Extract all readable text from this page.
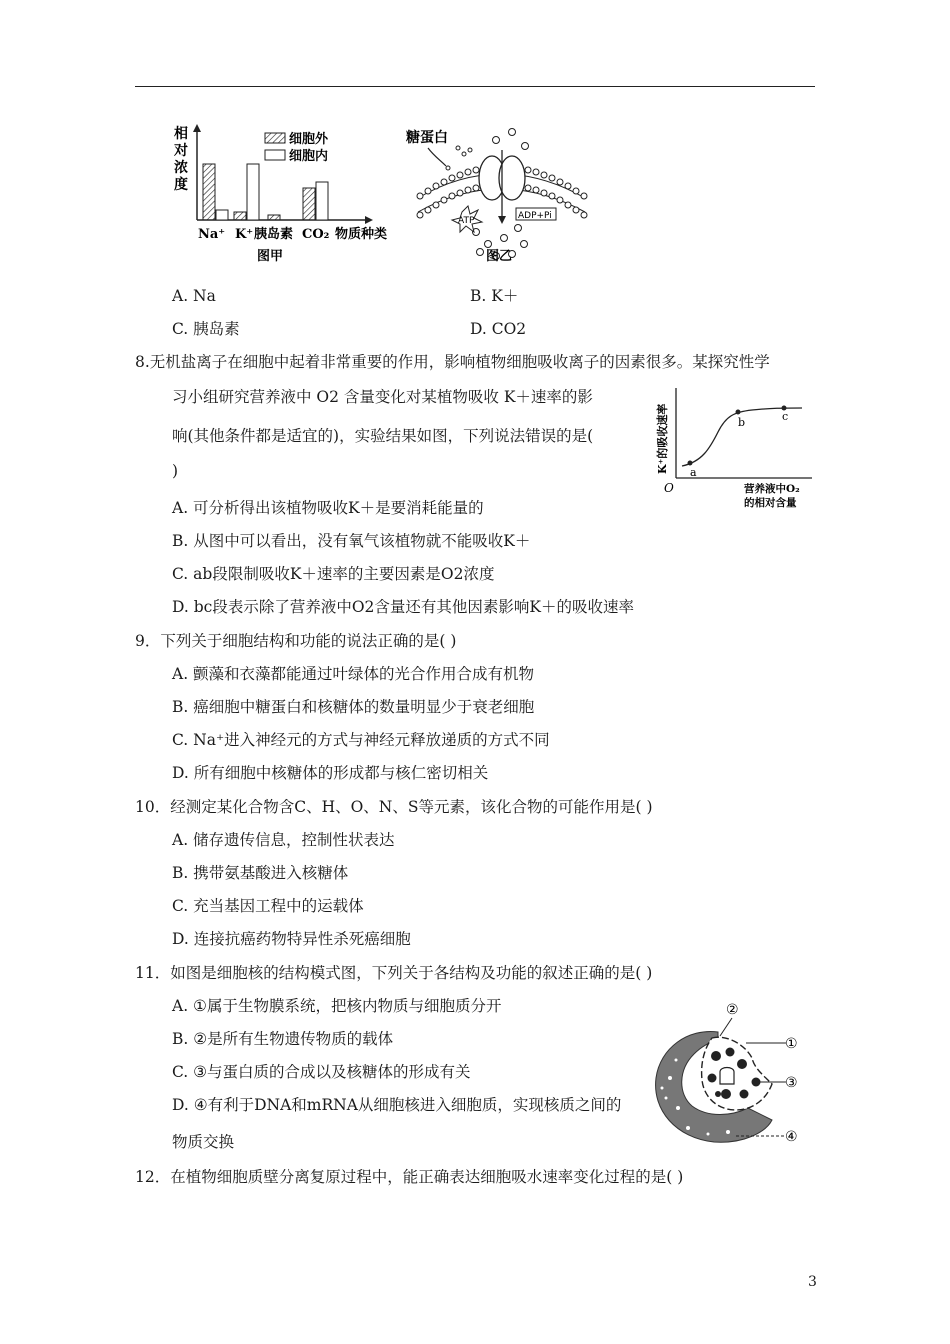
相
对
浓
度
细胞外
细胞内
Na⁺ K⁺ 胰岛素 CO₂ 物质种类
图甲
糖蛋白
ATP	ADP+Pi
图乙
A. Na	B. K＋
C. 胰岛素	D. CO2
8.无机盐离子在细胞中起着非常重要的作用，影响植物细胞吸收离子的因素很多。某探究性学
习小组研究营养液中 O2 含量变化对某植物吸收 K＋速率的影
响(其他条件都是适宜的)，实验结果如图，下列说法错误的是(
)
A. 可分析得出该植物吸收K＋是要消耗能量的
B. 从图中可以看出，没有氧气该植物就不能吸收K＋
C. ab段限制吸收K＋速率的主要因素是O2浓度
D. bc段表示除了营养液中O2含量还有其他因素影响K＋的吸收速率
K⁺的吸收速率
O
a
b	c
营养液中O₂
的相对含量
9．下列关于细胞结构和功能的说法正确的是( )
A. 颤藻和衣藻都能通过叶绿体的光合作用合成有机物
B. 癌细胞中糖蛋白和核糖体的数量明显少于衰老细胞
C. Na⁺进入神经元的方式与神经元释放递质的方式不同
D. 所有细胞中核糖体的形成都与核仁密切相关
10．经测定某化合物含C、H、O、N、S等元素，该化合物的可能作用是( )
A. 储存遗传信息，控制性状表达
B. 携带氨基酸进入核糖体
C. 充当基因工程中的运载体
D. 连接抗癌药物特异性杀死癌细胞
11．如图是细胞核的结构模式图，下列关于各结构及功能的叙述正确的是( )
A. ①属于生物膜系统，把核内物质与细胞质分开
B. ②是所有生物遗传物质的载体
C. ③与蛋白质的合成以及核糖体的形成有关
D. ④有利于DNA和mRNA从细胞核进入细胞质，实现核质之间的
物质交换
②
①
③
④
12．在植物细胞质壁分离复原过程中，能正确表达细胞吸水速率变化过程的是( )
3
